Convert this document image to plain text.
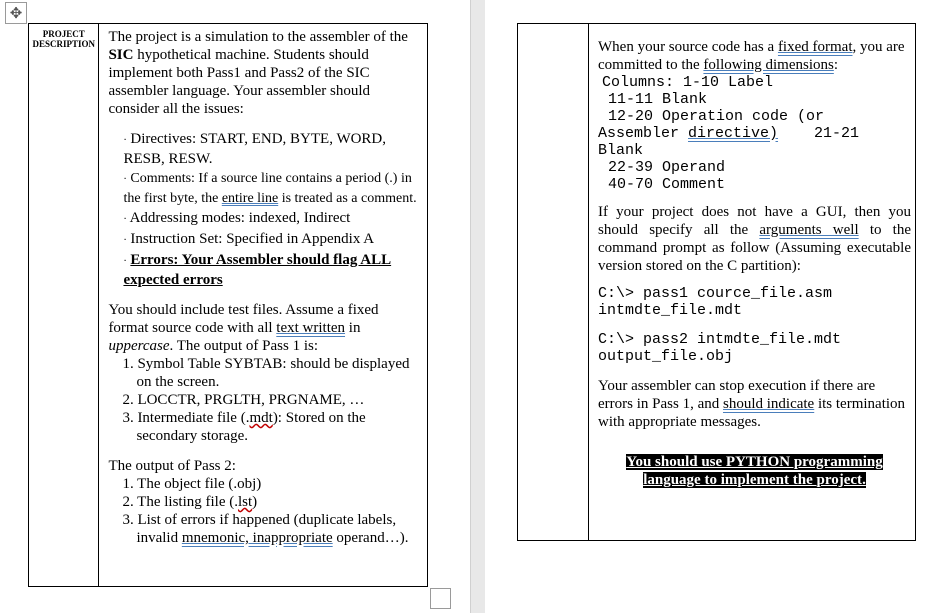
✥
PROJECT DESCRIPTION	The project is a simulation to the assembler of the SIC hypothetical machine. Students should implement both Pass1 and Pass2 of the SIC assembler language. Your assembler should consider all the issues:

· Directives: START, END, BYTE, WORD, RESB, RESW.
· Comments: If a source line contains a period (.) in the first byte, the entire line is treated as a comment.
· Addressing modes: indexed, Indirect
· Instruction Set: Specified in Appendix A
· Errors: Your Assembler should flag ALL expected errors

You should include test files. Assume a fixed format source code with all text written in uppercase. The output of Pass 1 is:

1. Symbol Table SYBTAB: should be displayed on the screen.
2. LOCCTR, PRGLTH, PRGNAME, …
3. Intermediate file (.mdt): Stored on the secondary storage.

The output of Pass 2:

1. The object file (.obj)
2. The listing file (.lst)
3. List of errors if happened (duplicate labels, invalid mnemonic, inappropriate operand…).

When your source code has a fixed format, you are committed to the following dimensions:

Columns: 1-10 Label
11-11 Blank
12-20 Operation code (or
Assembler directive)    21-21
Blank
22-39 Operand
40-70 Comment

If your project does not have a GUI, then you should specify all the arguments well to the command prompt as follow (Assuming executable version stored on the C partition):

C:\> pass1 cource_file.asm
intmdte_file.mdt
C:\> pass2 intmdte_file.mdt
output_file.obj

Your assembler can stop execution if there are errors in Pass 1, and should indicate its termination with appropriate messages.

You should use PYTHON programming language to implement the project.
